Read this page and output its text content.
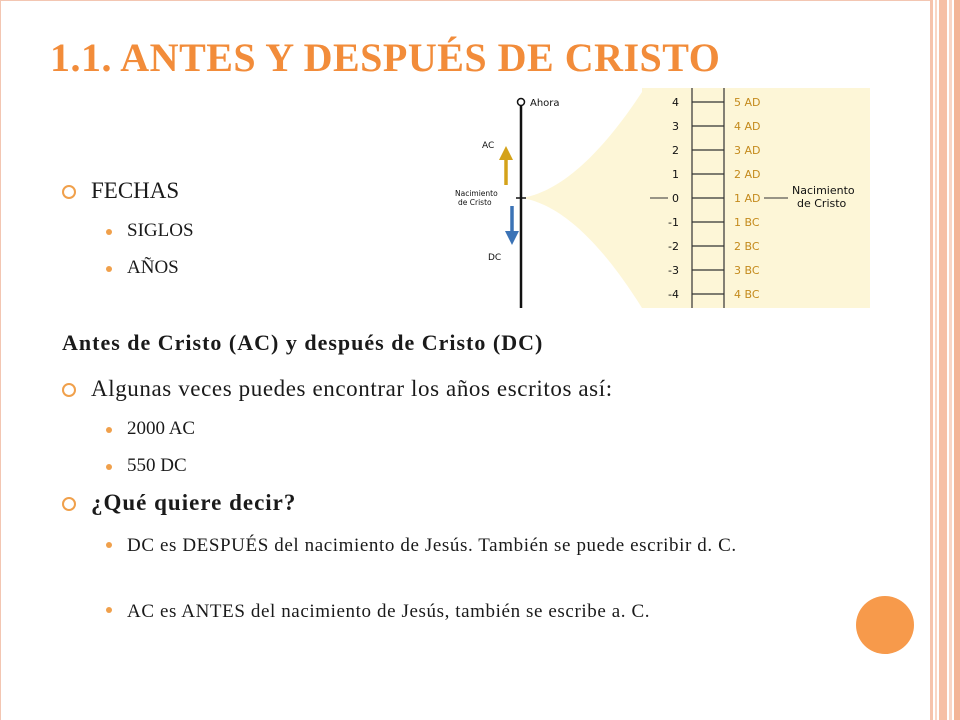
1.1. ANTES Y DESPUÉS DE CRISTO
FECHAS
SIGLOS
AÑOS
Ahora
AC
Nacimiento
de Cristo
DC
4	5 AD
3	4 AD
2	3 AD
1	2 AD
0	1 AD
-1	1 BC
-2	2 BC
-3	3 BC
-4	4 BC
Nacimiento
de Cristo
Antes de Cristo (AC) y después de Cristo (DC)
Algunas veces puedes encontrar los años escritos así:
2000 AC
550 DC
¿Qué quiere decir?
DC es DESPUÉS del nacimiento de Jesús. También se puede escribir d. C.
AC es ANTES del nacimiento de Jesús, también se escribe a. C.
